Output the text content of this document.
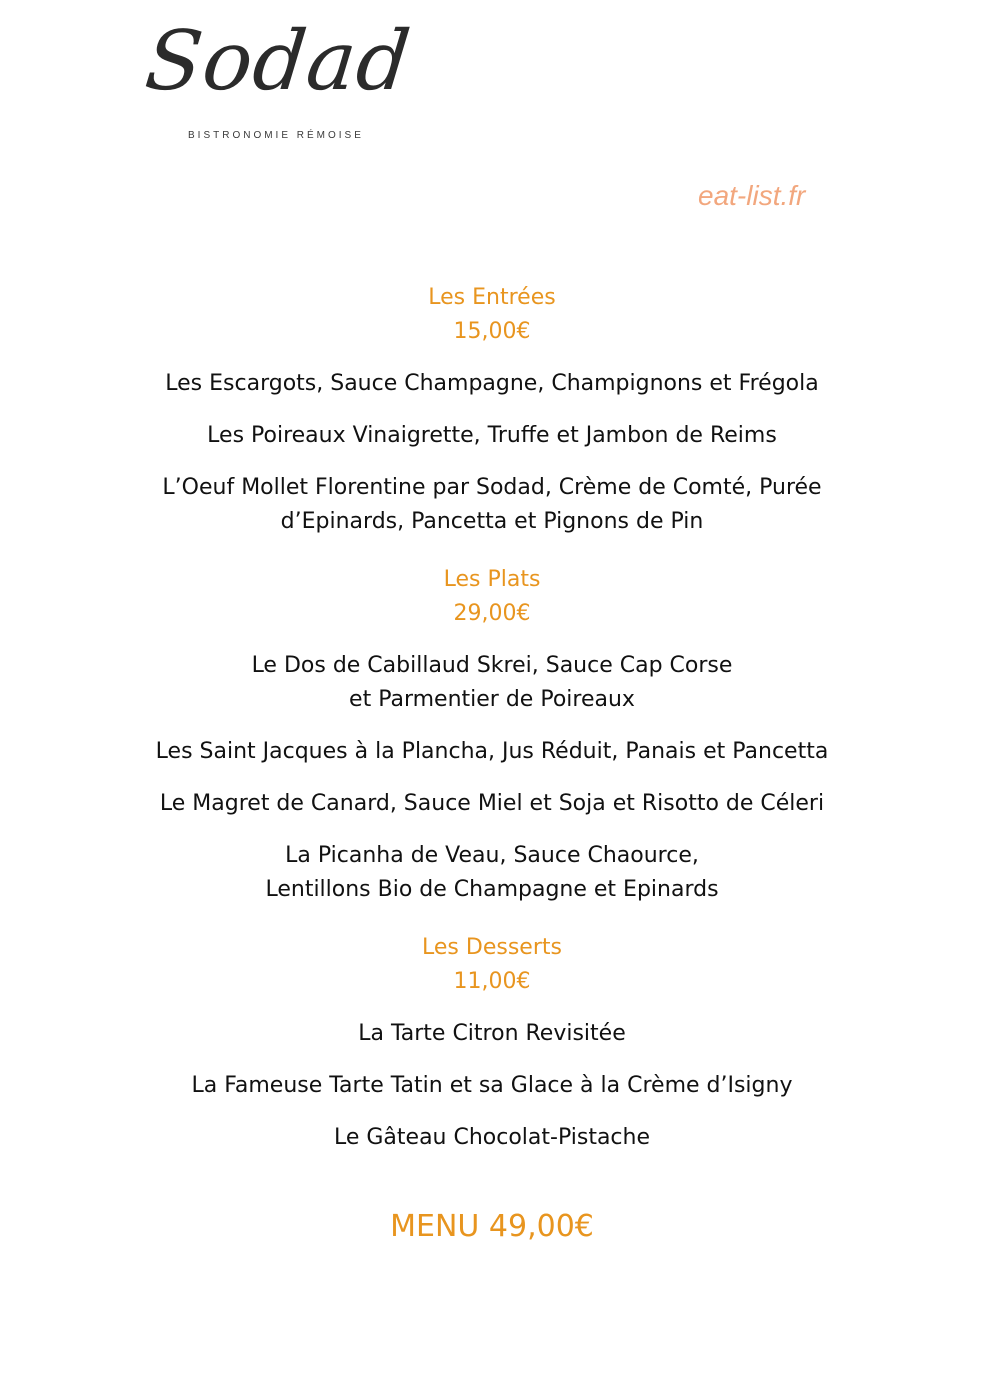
Sodad
BISTRONOMIE RÉMOISE
eat-list.fr

Les Entrées

15,00€

Les Escargots, Sauce Champagne, Champignons et Frégola

Les Poireaux Vinaigrette, Truffe et Jambon de Reims

L’Oeuf Mollet Florentine par Sodad, Crème de Comté, Purée

d’Epinards, Pancetta et Pignons de Pin

Les Plats

29,00€

Le Dos de Cabillaud Skrei, Sauce Cap Corse

et Parmentier de Poireaux

Les Saint Jacques à la Plancha, Jus Réduit, Panais et Pancetta

Le Magret de Canard, Sauce Miel et Soja et Risotto de Céleri

La Picanha de Veau, Sauce Chaource,

Lentillons Bio de Champagne et Epinards

Les Desserts

11,00€

La Tarte Citron Revisitée

La Fameuse Tarte Tatin et sa Glace à la Crème d’Isigny

Le Gâteau Chocolat-Pistache

MENU 49,00€
